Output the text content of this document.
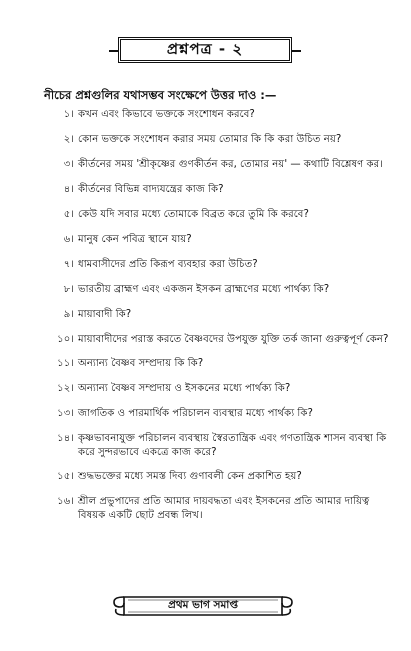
প্রশ্নপত্র - ২
নীচের প্রশ্নগুলির যথাসম্ভব সংক্ষেপে উত্তর দাও :—
১। কখন এবং কিভাবে ভক্তকে সংশোধন করবে?
২। কোন ভক্তকে সংশোধন করার সময় তোমার কি কি করা উচিত নয়?
৩। কীর্তনের সময় 'শ্রীকৃষ্ণের গুণকীর্তন কর, তোমার নয়' — কথাটি বিশ্লেষণ কর।
৪। কীর্তনের বিভিন্ন বাদ্যযন্ত্রের কাজ কি?
৫। কেউ যদি সবার মধ্যে তোমাকে বিব্রত করে তুমি কি করবে?
৬। মানুষ কেন পবিত্র স্থানে যায়?
৭। ধামবাসীদের প্রতি কিরূপ ব্যবহার করা উচিত?
৮। ভারতীয় ব্রাহ্মণ এবং একজন ইসকন ব্রাহ্মণের মধ্যে পার্থক্য কি?
৯। মায়াবাদী কি?
১০। মায়াবাদীদের পরাস্ত করতে বৈষ্ণবদের উপযুক্ত যুক্তি তর্ক জানা গুরুত্বপূর্ণ কেন?
১১। অন্যান্য বৈষ্ণব সম্প্রদায় কি কি?
১২। অন্যান্য বৈষ্ণব সম্প্রদায় ও ইসকনের মধ্যে পার্থক্য কি?
১৩। জাগতিক ও পারমার্থিক পরিচালন ব্যবস্থার মধ্যে পার্থক্য কি?
১৪। কৃষ্ণভাবনাযুক্ত পরিচালন ব্যবস্থায় স্বৈরতান্ত্রিক এবং গণতান্ত্রিক শাসন ব্যবস্থা কি করে সুন্দরভাবে একত্রে কাজ করে?
১৫। শুদ্ধভক্তের মধ্যে সমস্ত দিব্য গুণাবলী কেন প্রকাশিত হয়?
১৬। শ্রীল প্রভুপাদের প্রতি আমার দায়বদ্ধতা এবং ইসকনের প্রতি আমার দায়িত্ব বিষয়ক একটি ছোট প্রবন্ধ লিখ।
প্রথম ভাগ সমাপ্ত
